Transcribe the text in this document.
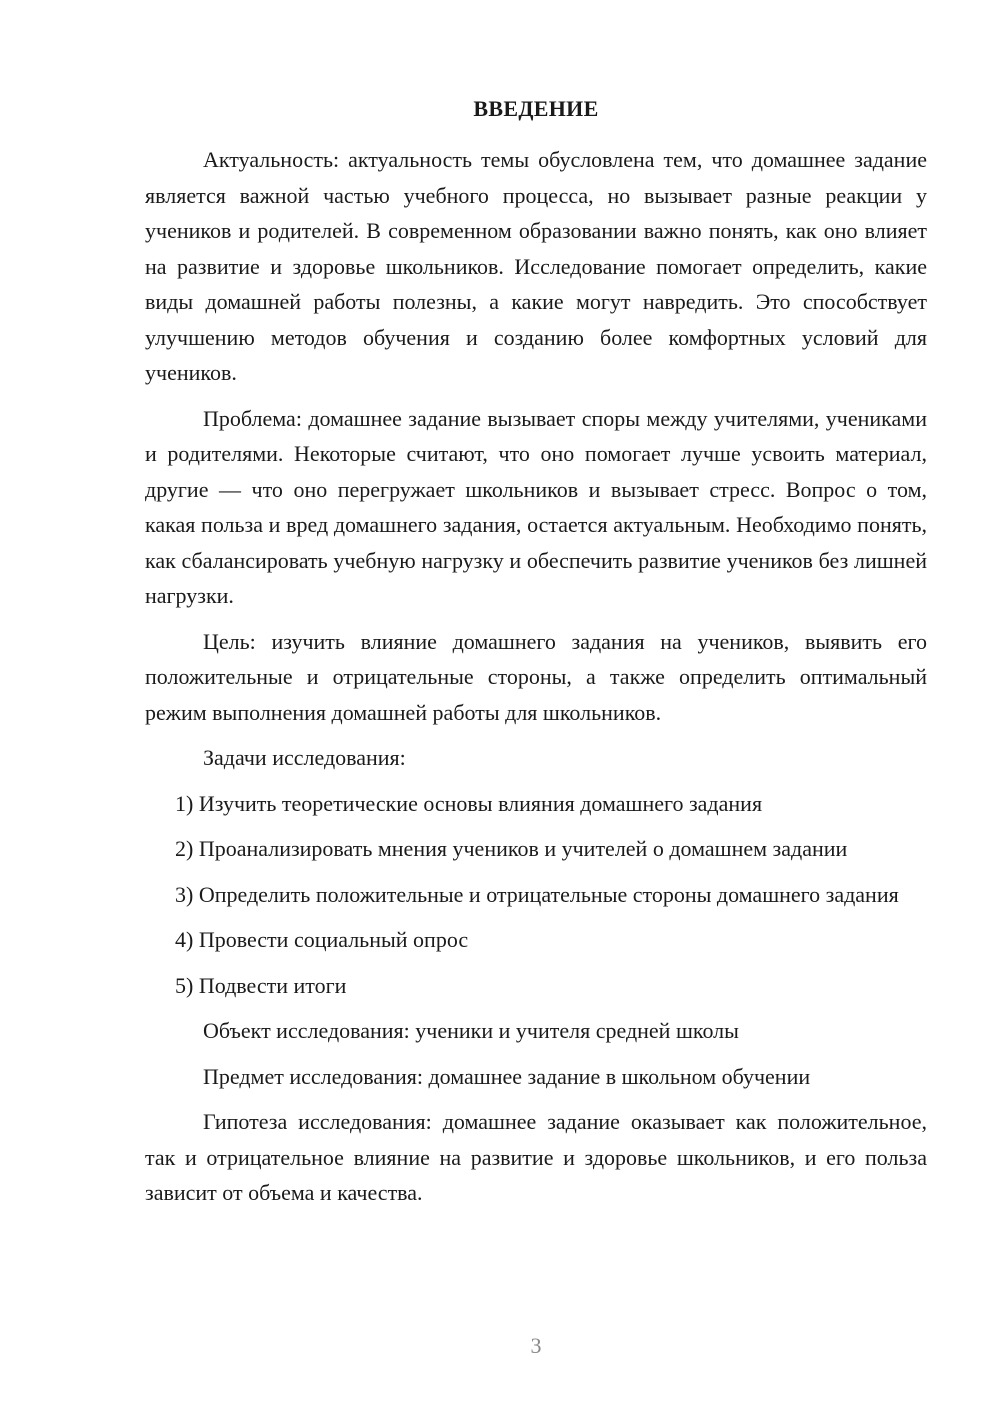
ВВЕДЕНИЕ

Актуальность: актуальность темы обусловлена тем, что домашнее задание является важной частью учебного процесса, но вызывает разные реакции у учеников и родителей. В современном образовании важно понять, как оно влияет на развитие и здоровье школьников. Исследование помогает определить, какие виды домашней работы полезны, а какие могут навредить. Это способствует улучшению методов обучения и созданию более комфортных условий для учеников.

Проблема: домашнее задание вызывает споры между учителями, учениками и родителями. Некоторые считают, что оно помогает лучше усвоить материал, другие — что оно перегружает школьников и вызывает стресс. Вопрос о том, какая польза и вред домашнего задания, остается актуальным. Необходимо понять, как сбалансировать учебную нагрузку и обеспечить развитие учеников без лишней нагрузки.

Цель: изучить влияние домашнего задания на учеников, выявить его положительные и отрицательные стороны, а также определить оптимальный режим выполнения домашней работы для школьников.

Задачи исследования:

1) Изучить теоретические основы влияния домашнего задания

2) Проанализировать мнения учеников и учителей о домашнем задании

3) Определить положительные и отрицательные стороны домашнего задания

4) Провести социальный опрос

5) Подвести итоги

Объект исследования: ученики и учителя средней школы

Предмет исследования: домашнее задание в школьном обучении

Гипотеза исследования: домашнее задание оказывает как положительное, так и отрицательное влияние на развитие и здоровье школьников, и его польза зависит от объема и качества.

3
